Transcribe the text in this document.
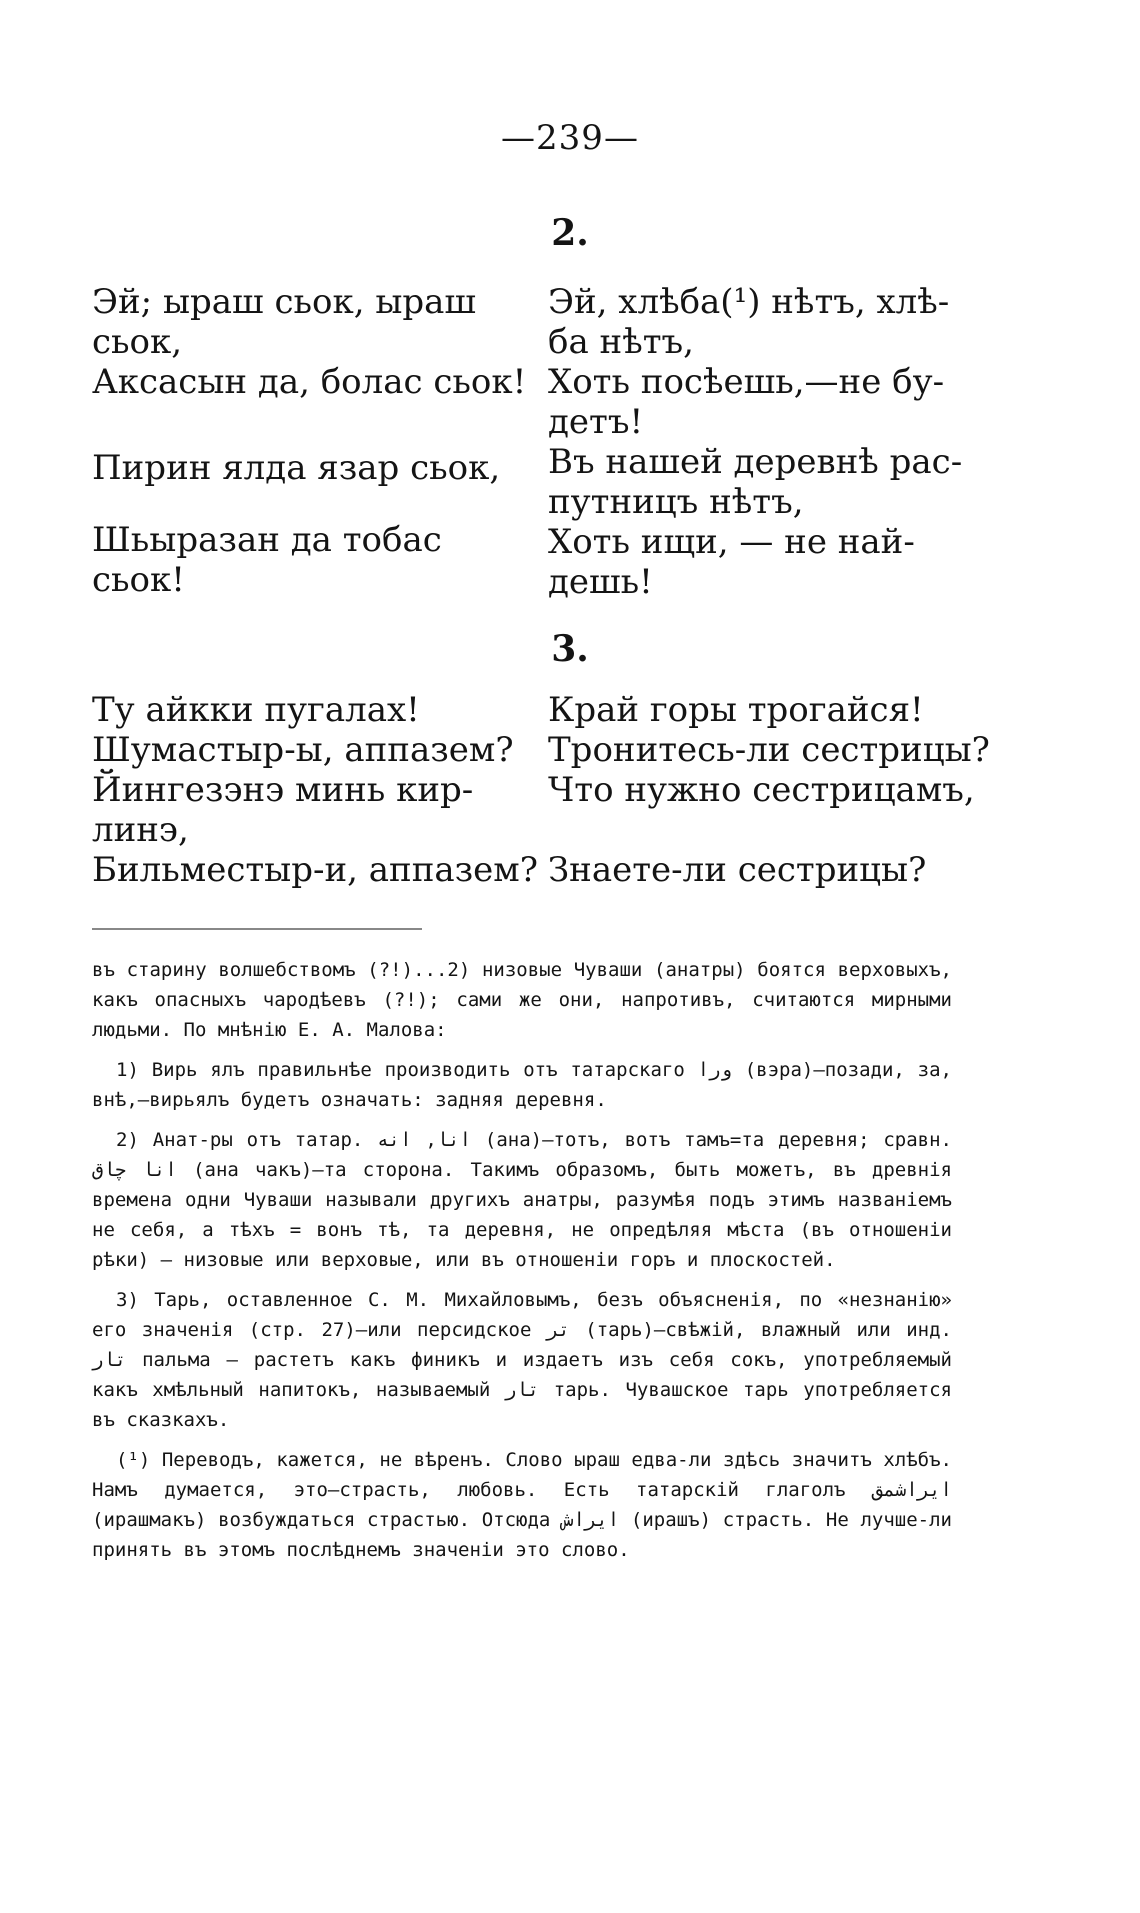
—239—
2.
Эй; ыраш сьок, ыраш
сьок,
Аксасын да, болас сьок!
Пирин ялда язар сьок,
Шьыразан да тобас
сьок!
Эй, хлѣба(¹) нѣтъ, хлѣ-
ба нѣтъ,
Хоть посѣешь,—не бу-
детъ!
Въ нашей деревнѣ рас-
путницъ нѣтъ,
Хоть ищи, — не най-
дешь!
3.
Ту айкки пугалах!
Шумастыр-ы, аппазем?
Йингезэнэ минь кир-
линэ,
Бильместыр-и, аппазем?
Край горы трогайся!
Тронитесь-ли сестрицы?
Что нужно сестрицамъ,
Знаете-ли сестрицы?

въ старину волшебствомъ (?!)...2) низовые Чуваши (анатры) боятся верховыхъ, какъ опасныхъ чародѣевъ (?!); сами же они, напротивъ, считаются мирными людьми. По мнѣнію Е. А. Малова:

1) Вирь ялъ правильнѣе производить отъ татарскаго ورا (вэра)—позади, за, внѣ,—вирьялъ будетъ означать: задняя деревня.

2) Анат-ры отъ татар. انا, انه (ана)—тотъ, вотъ тамъ=та деревня; сравн. انا چاق (ана чакъ)—та сторона. Такимъ образомъ, быть можетъ, въ древнія времена одни Чуваши называли другихъ анатры, разумѣя подъ этимъ названіемъ не себя, а тѣхъ = вонъ тѣ, та деревня, не опредѣляя мѣста (въ отношеніи рѣки) — низовые или верховые, или въ отношеніи горъ и плоскостей.

3) Тарь, оставленное С. М. Михайловымъ, безъ объясненія, по «незнанію» его значенія (стр. 27)—или персидское تر (тарь)—свѣжій, влажный или инд. تار пальма — растетъ какъ финикъ и издаетъ изъ себя сокъ, употребляемый какъ хмѣльный напитокъ, называемый تار тарь. Чувашское тарь употребляется въ сказкахъ.

(¹) Переводъ, кажется, не вѣренъ. Слово ыраш едва-ли здѣсь значитъ хлѣбъ. Намъ думается, это—страсть, любовь. Есть татарскій глаголъ ايراشمق (ирашмакъ) возбуждаться страстью. Отсюда ايراش (ирашъ) страсть. Не лучше-ли принять въ этомъ послѣднемъ значеніи это слово.
